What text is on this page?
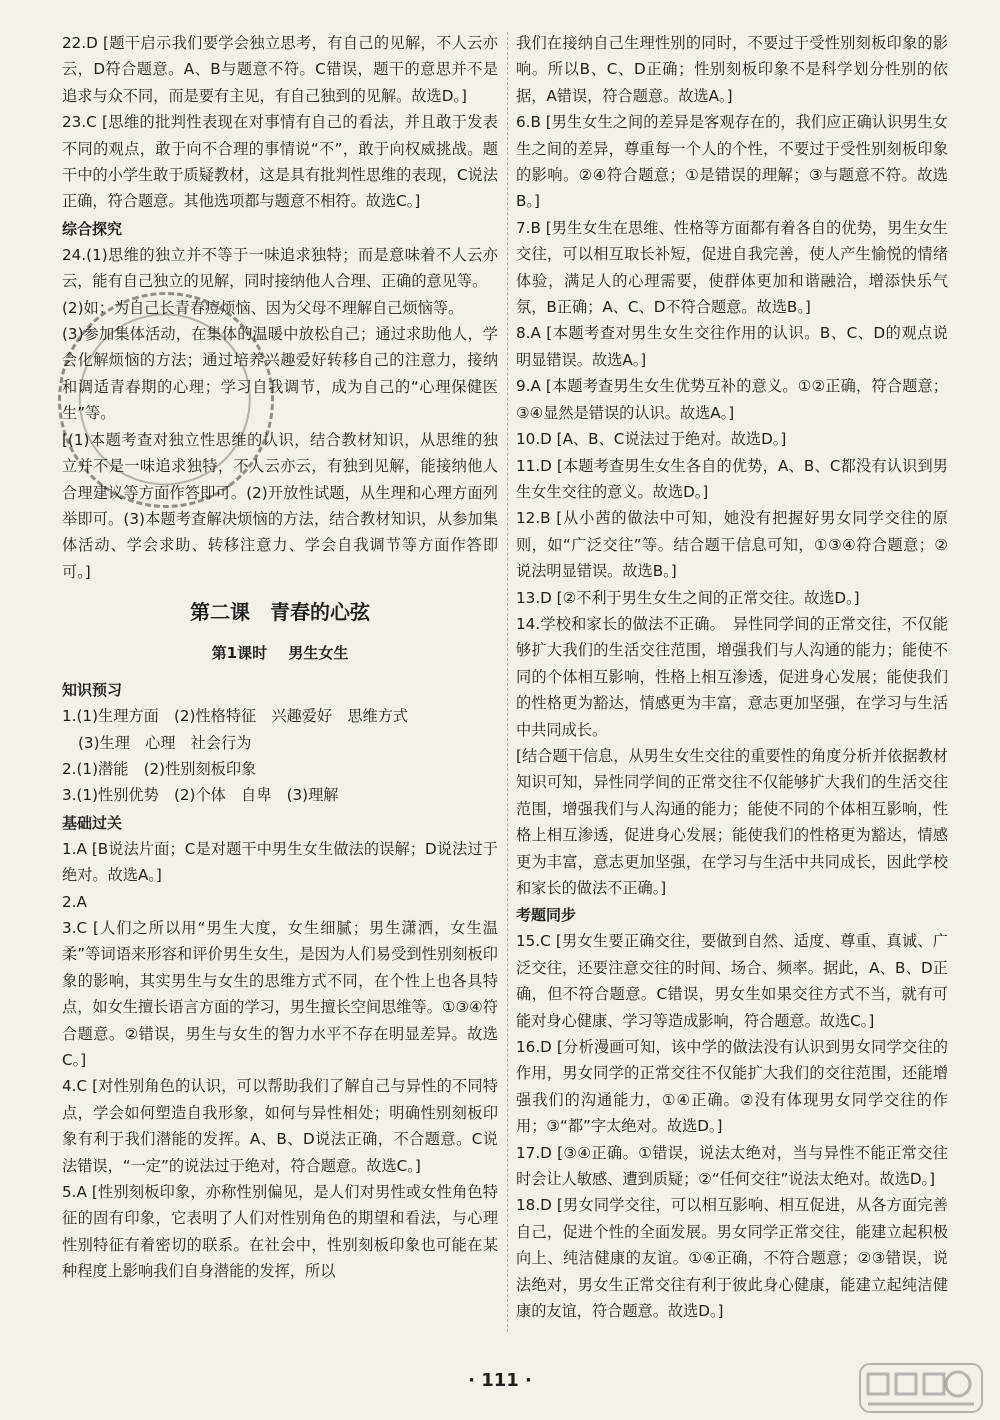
22.D [题干启示我们要学会独立思考，有自己的见解，不人云亦云，D符合题意。A、B与题意不符。C错误，题干的意思并不是追求与众不同，而是要有主见，有自己独到的见解。故选D。]

23.C [思维的批判性表现在对事情有自己的看法，并且敢于发表不同的观点，敢于向不合理的事情说“不”，敢于向权威挑战。题干中的小学生敢于质疑教材，这是具有批判性思维的表现，C说法正确，符合题意。其他选项都与题意不相符。故选C。]

综合探究

24.(1)思维的独立并不等于一味追求独特；而是意味着不人云亦云，能有自己独立的见解，同时接纳他人合理、正确的意见等。

(2)如：为自己长青春痘烦恼、因为父母不理解自己烦恼等。

(3)参加集体活动，在集体的温暖中放松自己；通过求助他人，学会化解烦恼的方法；通过培养兴趣爱好转移自己的注意力，接纳和调适青春期的心理；学习自我调节，成为自己的“心理保健医生”等。

[(1)本题考查对独立性思维的认识，结合教材知识，从思维的独立并不是一味追求独特，不人云亦云，有独到见解，能接纳他人合理建议等方面作答即可。(2)开放性试题，从生理和心理方面列举即可。(3)本题考查解决烦恼的方法，结合教材知识，从参加集体活动、学会求助、转移注意力、学会自我调节等方面作答即可。]

第二课　青春的心弦
第1课时 男生女生
知识预习

1.(1)生理方面　(2)性格特征　兴趣爱好　思维方式

(3)生理　心理　社会行为

2.(1)潜能　(2)性别刻板印象

3.(1)性别优势　(2)个体　自卑　(3)理解

基础过关

1.A [B说法片面；C是对题干中男生女生做法的误解；D说法过于绝对。故选A。]

2.A

3.C [人们之所以用“男生大度，女生细腻；男生潇洒，女生温柔”等词语来形容和评价男生女生，是因为人们易受到性别刻板印象的影响，其实男生与女生的思维方式不同，在个性上也各具特点，如女生擅长语言方面的学习，男生擅长空间思维等。①③④符合题意。②错误，男生与女生的智力水平不存在明显差异。故选C。]

4.C [对性别角色的认识，可以帮助我们了解自己与异性的不同特点，学会如何塑造自我形象，如何与异性相处；明确性别刻板印象有利于我们潜能的发挥。A、B、D说法正确，不合题意。C说法错误，“一定”的说法过于绝对，符合题意。故选C。]

5.A [性别刻板印象，亦称性别偏见，是人们对男性或女性角色特征的固有印象，它表明了人们对性别角色的期望和看法，与心理性别特征有着密切的联系。在社会中，性别刻板印象也可能在某种程度上影响我们自身潜能的发挥，所以

我们在接纳自己生理性别的同时，不要过于受性别刻板印象的影响。所以B、C、D正确；性别刻板印象不是科学划分性别的依据，A错误，符合题意。故选A。]

6.B [男生女生之间的差异是客观存在的，我们应正确认识男生女生之间的差异，尊重每一个人的个性，不要过于受性别刻板印象的影响。②④符合题意；①是错误的理解；③与题意不符。故选B。]

7.B [男生女生在思维、性格等方面都有着各自的优势，男生女生交往，可以相互取长补短，促进自我完善，使人产生愉悦的情绪体验，满足人的心理需要，使群体更加和谐融洽，增添快乐气氛，B正确；A、C、D不符合题意。故选B。]

8.A [本题考查对男生女生交往作用的认识。B、C、D的观点说明显错误。故选A。]

9.A [本题考查男生女生优势互补的意义。①②正确，符合题意；③④显然是错误的认识。故选A。]

10.D [A、B、C说法过于绝对。故选D。]

11.D [本题考查男生女生各自的优势，A、B、C都没有认识到男生女生交往的意义。故选D。]

12.B [从小茜的做法中可知，她没有把握好男女同学交往的原则，如“广泛交往”等。结合题干信息可知，①③④符合题意；②说法明显错误。故选B。]

13.D [②不利于男生女生之间的正常交往。故选D。]

14.学校和家长的做法不正确。　异性同学间的正常交往，不仅能够扩大我们的生活交往范围，增强我们与人沟通的能力；能使不同的个体相互影响，性格上相互渗透，促进身心发展；能使我们的性格更为豁达，情感更为丰富，意志更加坚强，在学习与生活中共同成长。

[结合题干信息，从男生女生交往的重要性的角度分析并依据教材知识可知，异性同学间的正常交往不仅能够扩大我们的生活交往范围，增强我们与人沟通的能力；能使不同的个体相互影响，性格上相互渗透，促进身心发展；能使我们的性格更为豁达，情感更为丰富，意志更加坚强，在学习与生活中共同成长，因此学校和家长的做法不正确。]

考题同步

15.C [男女生要正确交往，要做到自然、适度、尊重、真诚、广泛交往，还要注意交往的时间、场合、频率。据此，A、B、D正确，但不符合题意。C错误，男女生如果交往方式不当，就有可能对身心健康、学习等造成影响，符合题意。故选C。]

16.D [分析漫画可知，该中学的做法没有认识到男女同学交往的作用，男女同学的正常交往不仅能扩大我们的交往范围，还能增强我们的沟通能力，①④正确。②没有体现男女同学交往的作用；③“都”字太绝对。故选D。]

17.D [③④正确。①错误，说法太绝对，当与异性不能正常交往时会让人敏感、遭到质疑；②“任何交往”说法太绝对。故选D。]

18.D [男女同学交往，可以相互影响、相互促进，从各方面完善自己，促进个性的全面发展。男女同学正常交往，能建立起积极向上、纯洁健康的友谊。①④正确，不符合题意；②③错误，说法绝对，男女生正常交往有利于彼此身心健康，能建立起纯洁健康的友谊，符合题意。故选D。]

· 111 ·
